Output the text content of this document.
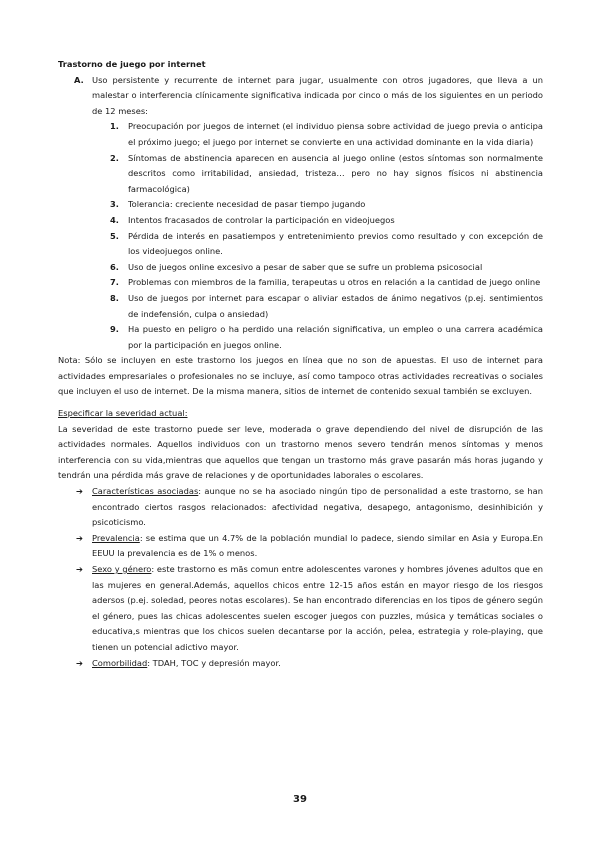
Trastorno de juego por internet

A. Uso persistente y recurrente de internet para jugar, usualmente con otros jugadores, que lleva a un malestar o interferencia clínicamente significativa indicada por cinco o más de los siguientes en un periodo de 12 meses:
1.	Preocupación por juegos de internet (el individuo piensa sobre actividad de juego previa o anticipa el próximo juego; el juego por internet se convierte en una actividad dominante en la vida diaria)
2.	Síntomas de abstinencia aparecen en ausencia al juego online (estos síntomas son normalmente descritos como irritabilidad, ansiedad, tristeza… pero no hay signos físicos ni abstinencia farmacológica)
3.	Tolerancia: creciente necesidad de pasar tiempo jugando
4.	Intentos fracasados de controlar la participación en videojuegos
5.	Pérdida de interés en pasatiempos y entretenimiento previos como resultado y con excepción de los videojuegos online.
6.	Uso de juegos online excesivo a pesar de saber que se sufre un problema psicosocial
7.	Problemas con miembros de la familia, terapeutas u otros en relación a la cantidad de juego online
8.	Uso de juegos por internet para escapar o aliviar estados de ánimo negativos (p.ej. sentimientos de indefensión, culpa o ansiedad)
9.	Ha puesto en peligro o ha perdido una relación significativa, un empleo o una carrera académica por la participación en juegos online.

Nota: Sólo se incluyen en este trastorno los juegos en línea que no son de apuestas. El uso de internet para actividades empresariales o profesionales no se incluye, así como tampoco otras actividades recreativas o sociales que incluyen el uso de internet. De la misma manera, sitios de internet de contenido sexual también se excluyen.

Especificar la severidad actual:

La severidad de este trastorno puede ser leve, moderada o grave dependiendo del nivel de disrupción de las actividades normales. Aquellos individuos con un trastorno menos severo tendrán menos síntomas y menos interferencia con su vida,mientras que aquellos que tengan un trastorno más grave pasarán más horas jugando y tendrán una pérdida más grave de relaciones y de oportunidades laborales o escolares.

➔	Características asociadas: aunque no se ha asociado ningún tipo de personalidad a este trastorno, se han encontrado ciertos rasgos relacionados: afectividad negativa, desapego, antagonismo, desinhibición y psicoticismo.
➔	Prevalencia: se estima que un 4.7% de la población mundial lo padece, siendo similar en Asia y Europa.En EEUU la prevalencia es de 1% o menos.
➔	Sexo y género: este trastorno es mãs comun entre adolescentes varones y hombres jóvenes adultos que en las mujeres en general.Además, aquellos chicos entre 12-15 años están en mayor riesgo de los riesgos adersos (p.ej. soledad, peores notas escolares). Se han encontrado diferencias en los tipos de género según el género, pues las chicas adolescentes suelen escoger juegos con puzzles, música y temáticas sociales o educativa,s mientras que los chicos suelen decantarse por la acción, pelea, estrategia y role-playing, que tienen un potencial adictivo mayor.
➔	Comorbilidad: TDAH, TOC y depresión mayor.
39
